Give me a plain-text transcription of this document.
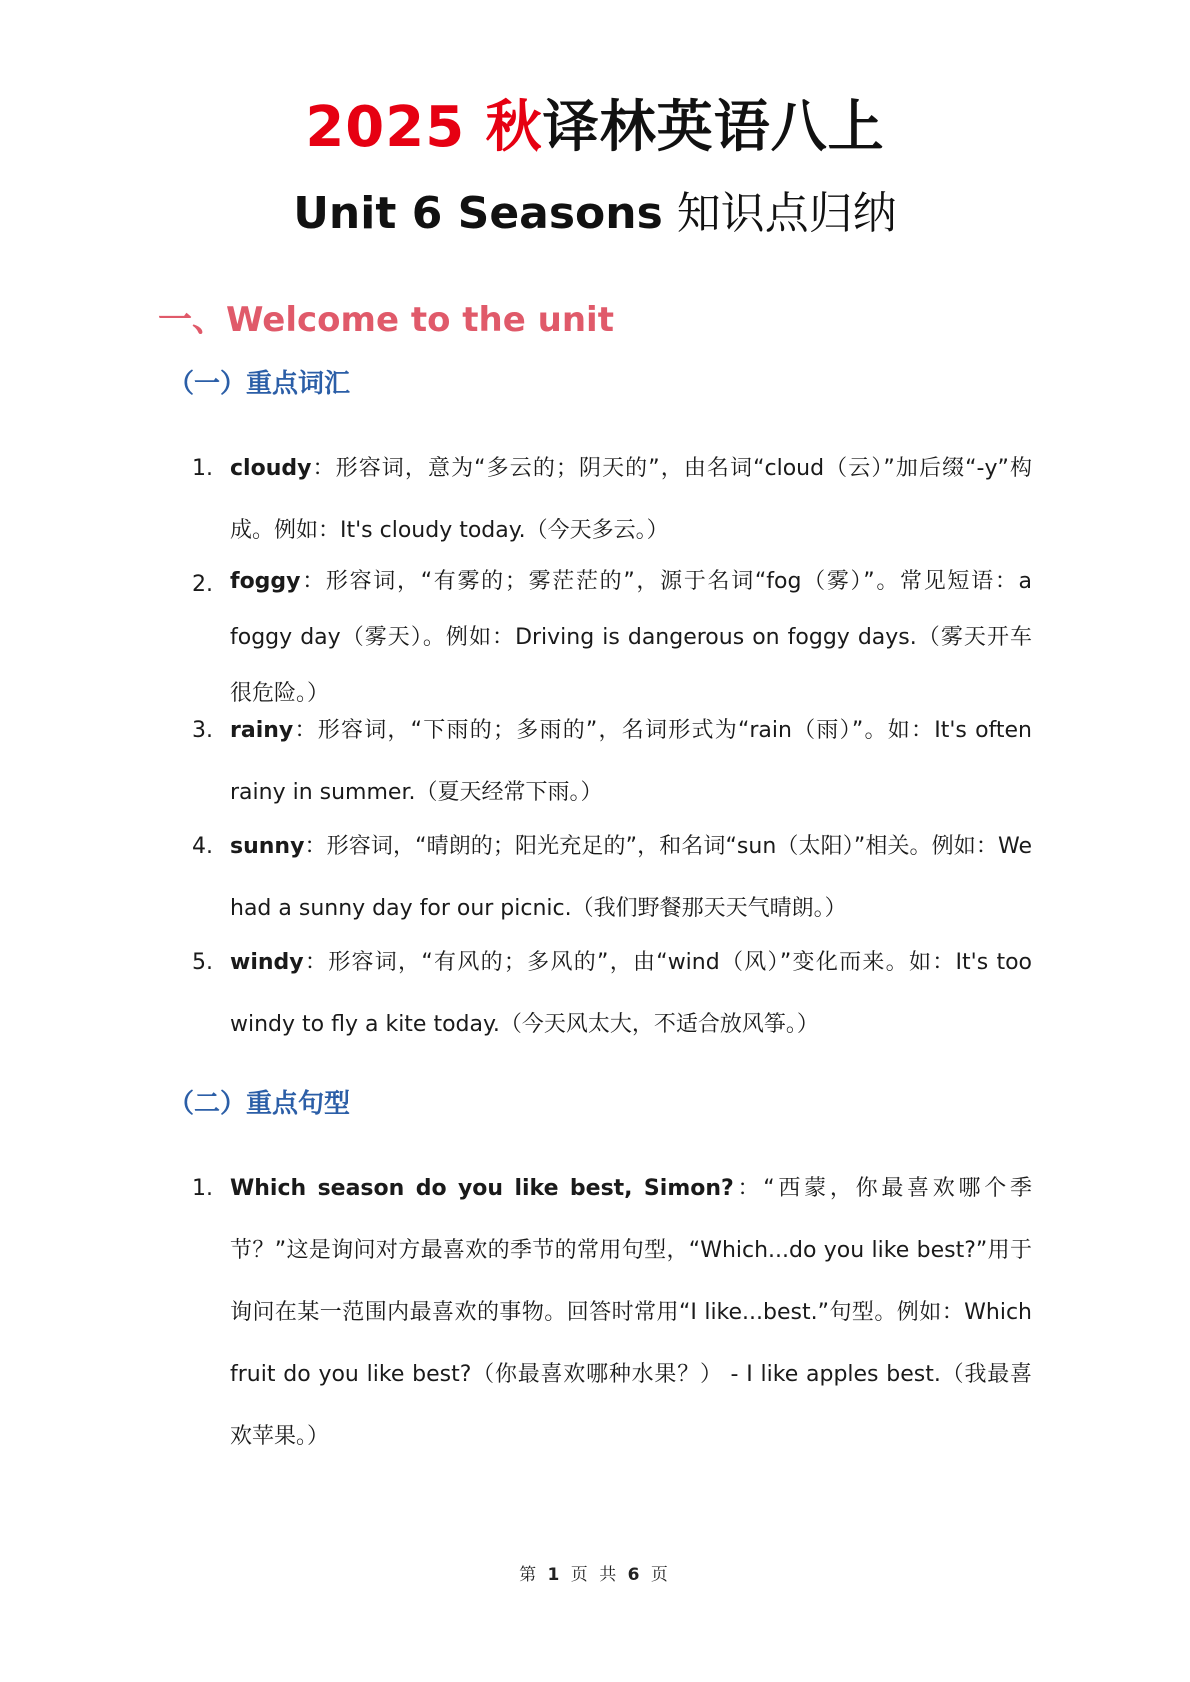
2025 秋译林英语八上
Unit 6 Seasons 知识点归纳
一、Welcome to the unit
（一）重点词汇
1. cloudy：形容词，意为“多云的；阴天的”，由名词“cloud（云）”加后缀“-y”构成。例如：It's cloudy today.（今天多云。）
2. foggy：形容词，“有雾的；雾茫茫的”，源于名词“fog（雾）”。常见短语：a foggy day（雾天）。例如：Driving is dangerous on foggy days.（雾天开车很危险。）
3. rainy：形容词，“下雨的；多雨的”，名词形式为“rain（雨）”。如：It's often rainy in summer.（夏天经常下雨。）
4. sunny：形容词，“晴朗的；阳光充足的”，和名词“sun（太阳）”相关。例如：We had a sunny day for our picnic.（我们野餐那天天气晴朗。）
5. windy：形容词，“有风的；多风的”，由“wind（风）”变化而来。如：It's too windy to fly a kite today.（今天风太大，不适合放风筝。）
（二）重点句型
1. Which season do you like best, Simon?：“西蒙，你最喜欢哪个季节？”这是询问对方最喜欢的季节的常用句型，“Which...do you like best?”用于询问在某一范围内最喜欢的事物。回答时常用“I like...best.”句型。例如：Which fruit do you like best?（你最喜欢哪种水果？） - I like apples best.（我最喜欢苹果。）
第 1 页 共 6 页
